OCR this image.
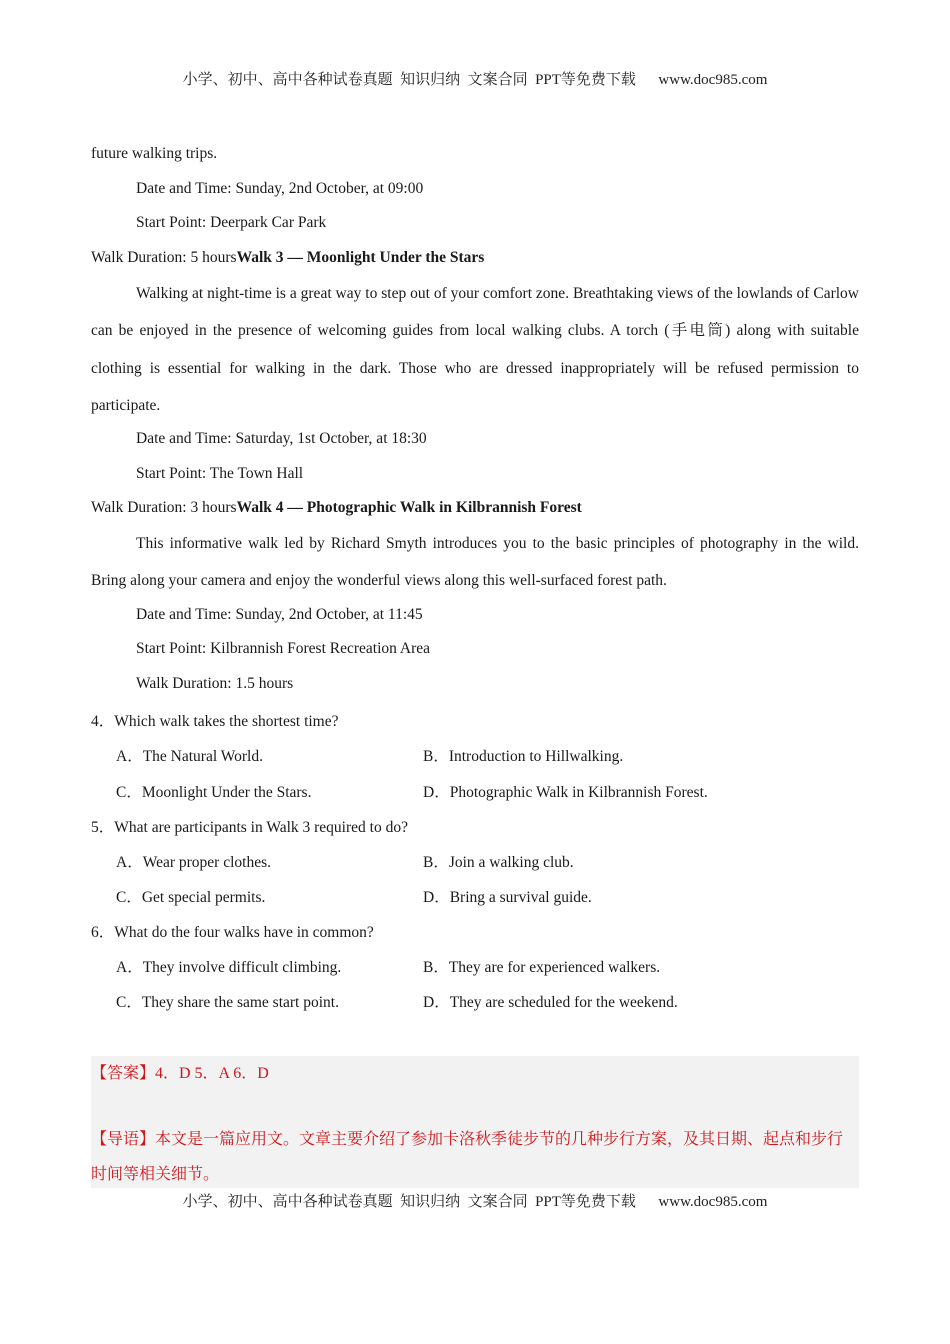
小学、初中、高中各种试卷真题  知识归纳  文案合同  PPT等免费下载      www.doc985.com
future walking trips.
Date and Time: Sunday, 2nd October, at 09:00
Start Point: Deerpark Car Park
Walk Duration: 5 hoursWalk 3 — Moonlight Under the Stars
Walking at night-time is a great way to step out of your comfort zone. Breathtaking views of the lowlands of Carlow can be enjoyed in the presence of welcoming guides from local walking clubs. A torch (手电筒) along with suitable clothing is essential for walking in the dark. Those who are dressed inappropriately will be refused permission to participate.
Date and Time: Saturday, 1st October, at 18:30
Start Point: The Town Hall
Walk Duration: 3 hoursWalk 4 — Photographic Walk in Kilbrannish Forest
This informative walk led by Richard Smyth introduces you to the basic principles of photography in the wild. Bring along your camera and enjoy the wonderful views along this well-surfaced forest path.
Date and Time: Sunday, 2nd October, at 11:45
Start Point: Kilbrannish Forest Recreation Area
Walk Duration: 1.5 hours
4．Which walk takes the shortest time?
A．The Natural World.	B．Introduction to Hillwalking.
C．Moonlight Under the Stars.	D．Photographic Walk in Kilbrannish Forest.
5．What are participants in Walk 3 required to do?
A．Wear proper clothes.	B．Join a walking club.
C．Get special permits.	D．Bring a survival guide.
6．What do the four walks have in common?
A．They involve difficult climbing.	B．They are for experienced walkers.
C．They share the same start point.	D．They are scheduled for the weekend.
【答案】4．D 5．A 6．D
【导语】本文是一篇应用文。文章主要介绍了参加卡洛秋季徒步节的几种步行方案，及其日期、起点和步行时间等相关细节。
小学、初中、高中各种试卷真题  知识归纳  文案合同  PPT等免费下载      www.doc985.com
